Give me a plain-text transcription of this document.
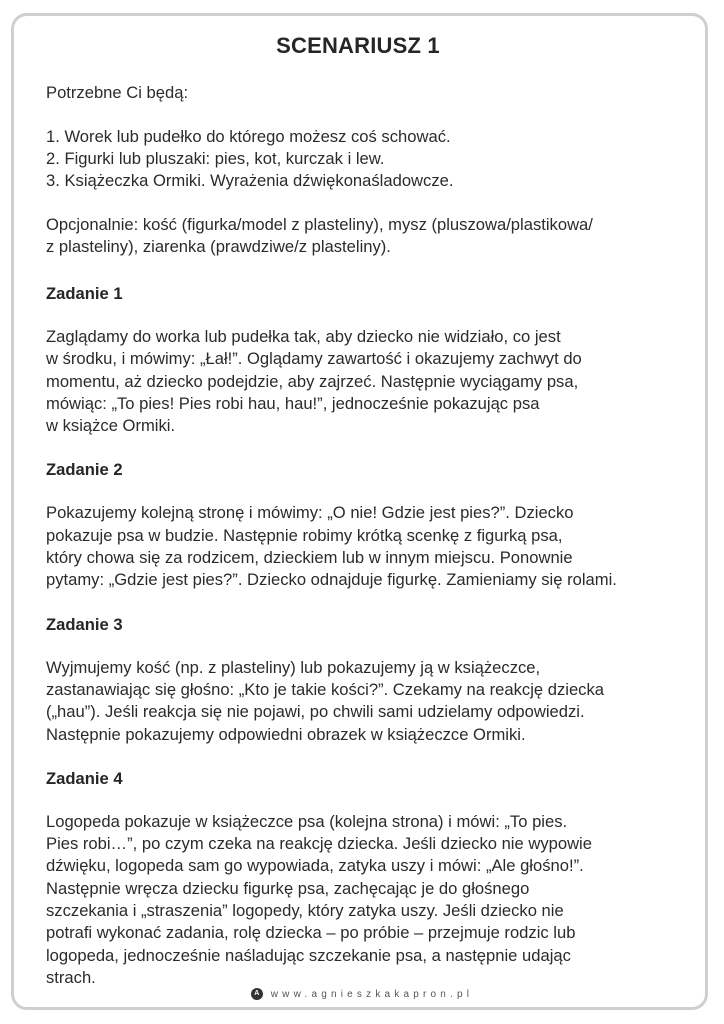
SCENARIUSZ 1
Potrzebne Ci będą:
1. Worek lub pudełko do którego możesz coś schować.
2. Figurki lub pluszaki: pies, kot, kurczak i lew.
3. Książeczka Ormiki. Wyrażenia dźwiękonaśladowcze.
Opcjonalnie: kość (figurka/model z plasteliny), mysz (pluszowa/plastikowa/
z plasteliny), ziarenka (prawdziwe/z plasteliny).
Zadanie 1
Zaglądamy do worka lub pudełka tak, aby dziecko nie widziało, co jest
w środku, i mówimy: „Łał!”. Oglądamy zawartość i okazujemy zachwyt do
momentu, aż dziecko podejdzie, aby zajrzeć. Następnie wyciągamy psa,
mówiąc: „To pies! Pies robi hau, hau!”, jednocześnie pokazując psa
w książce Ormiki.
Zadanie 2
Pokazujemy kolejną stronę i mówimy: „O nie! Gdzie jest pies?”. Dziecko
pokazuje psa w budzie. Następnie robimy krótką scenkę z figurką psa,
który chowa się za rodzicem, dzieckiem lub w innym miejscu. Ponownie
pytamy: „Gdzie jest pies?”. Dziecko odnajduje figurkę. Zamieniamy się rolami.
Zadanie 3
Wyjmujemy kość (np. z plasteliny) lub pokazujemy ją w książeczce,
zastanawiając się głośno: „Kto je takie kości?”. Czekamy na reakcję dziecka
(„hau”). Jeśli reakcja się nie pojawi, po chwili sami udzielamy odpowiedzi.
Następnie pokazujemy odpowiedni obrazek w książeczce Ormiki.
Zadanie 4
Logopeda pokazuje w książeczce psa (kolejna strona) i mówi: „To pies.
Pies robi…”, po czym czeka na reakcję dziecka. Jeśli dziecko nie wypowie
dźwięku, logopeda sam go wypowiada, zatyka uszy i mówi: „Ale głośno!”.
Następnie wręcza dziecku figurkę psa, zachęcając je do głośnego
szczekania i „straszenia” logopedy, który zatyka uszy. Jeśli dziecko nie
potrafi wykonać zadania, rolę dziecka – po próbie – przejmuje rodzic lub
logopeda, jednocześnie naśladując szczekanie psa, a następnie udając
strach.
A	www.agnieszkakapron.pl
